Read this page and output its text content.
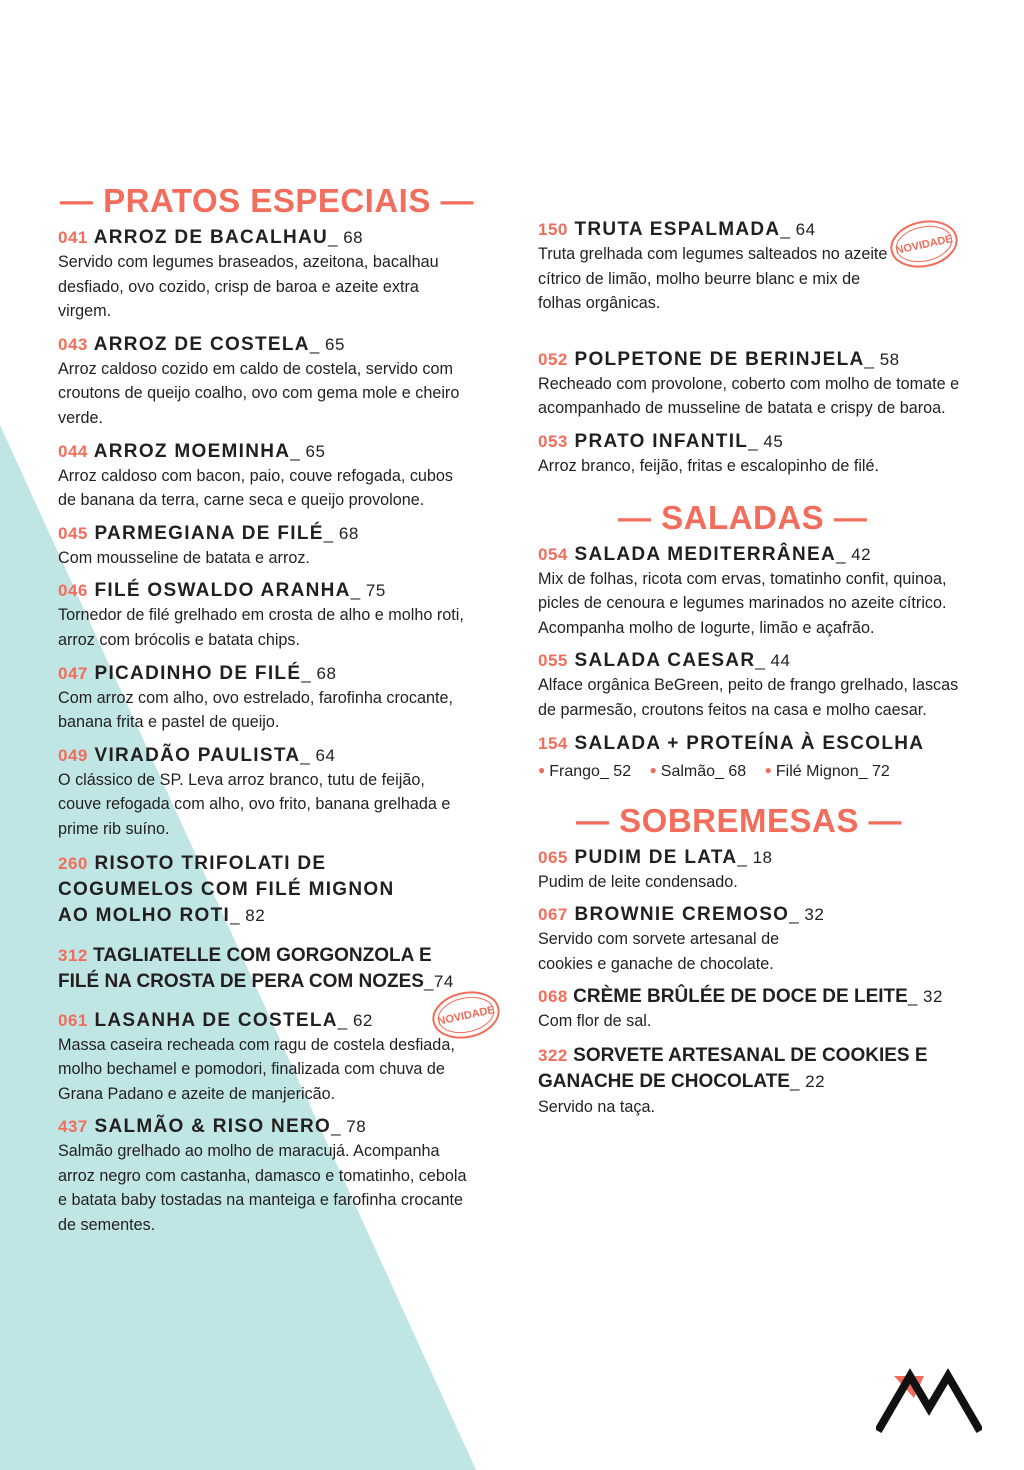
— PRATOS ESPECIAIS —
041 ARROZ DE BACALHAU_ 68
Servido com legumes braseados, azeitona, bacalhau desfiado, ovo cozido, crisp de baroa e azeite extra virgem.
043 ARROZ DE COSTELA_ 65
Arroz caldoso cozido em caldo de costela, servido com croutons de queijo coalho, ovo com gema mole e cheiro verde.
044 ARROZ MOEMINHA_ 65
Arroz caldoso com bacon, paio, couve refogada, cubos de banana da terra, carne seca e queijo provolone.
045 PARMEGIANA DE FILÉ_ 68
Com mousseline de batata e arroz.
046 FILÉ OSWALDO ARANHA_ 75
Tornedor de filé grelhado em crosta de alho e molho roti, arroz com brócolis e batata chips.
047 PICADINHO DE FILÉ_ 68
Com arroz com alho, ovo estrelado, farofinha crocante, banana frita e pastel de queijo.
049 VIRADÃO PAULISTA_ 64
O clássico de SP. Leva arroz branco, tutu de feijão, couve refogada com alho, ovo frito, banana grelhada e prime rib suíno.
260 RISOTO TRIFOLATI DE COGUMELOS COM FILÉ MIGNON AO MOLHO ROTI_ 82
312 TAGLIATELLE COM GORGONZOLA E FILÉ NA CROSTA DE PERA COM NOZES_74
061 LASANHA DE COSTELA_ 62
Massa caseira recheada com ragu de costela desfiada, molho bechamel e pomodori, finalizada com chuva de Grana Padano e azeite de manjericão.
NOVIDADE
437 SALMÃO & RISO NERO_ 78
Salmão grelhado ao molho de maracujá. Acompanha arroz negro com castanha, damasco e tomatinho, cebola e batata baby tostadas na manteiga e farofinha crocante de sementes.
150 TRUTA ESPALMADA_ 64
Truta grelhada com legumes salteados no azeite cítrico de limão, molho beurre blanc e mix de folhas orgânicas.
NOVIDADE
052 POLPETONE DE BERINJELA_ 58
Recheado com provolone, coberto com molho de tomate e acompanhado de musseline de batata e crispy de baroa.
053 PRATO INFANTIL_ 45
Arroz branco, feijão, fritas e escalopinho de filé.
— SALADAS —
054 SALADA MEDITERRÂNEA_ 42
Mix de folhas, ricota com ervas, tomatinho confit, quinoa, picles de cenoura e legumes marinados no azeite cítrico. Acompanha molho de Iogurte, limão e açafrão.
055 SALADA CAESAR_ 44
Alface orgânica BeGreen, peito de frango grelhado, lascas de parmesão, croutons feitos na casa e molho caesar.
154 SALADA + PROTEÍNA À ESCOLHA
● Frango_ 52 ● Salmão_ 68 ● Filé Mignon_ 72
— SOBREMESAS —
065 PUDIM DE LATA_ 18
Pudim de leite condensado.
067 BROWNIE CREMOSO_ 32
Servido com sorvete artesanal de cookies e ganache de chocolate.
068 CRÈME BRÛLÉE DE DOCE DE LEITE_ 32
Com flor de sal.
322 SORVETE ARTESANAL DE COOKIES E GANACHE DE CHOCOLATE_ 22
Servido na taça.
